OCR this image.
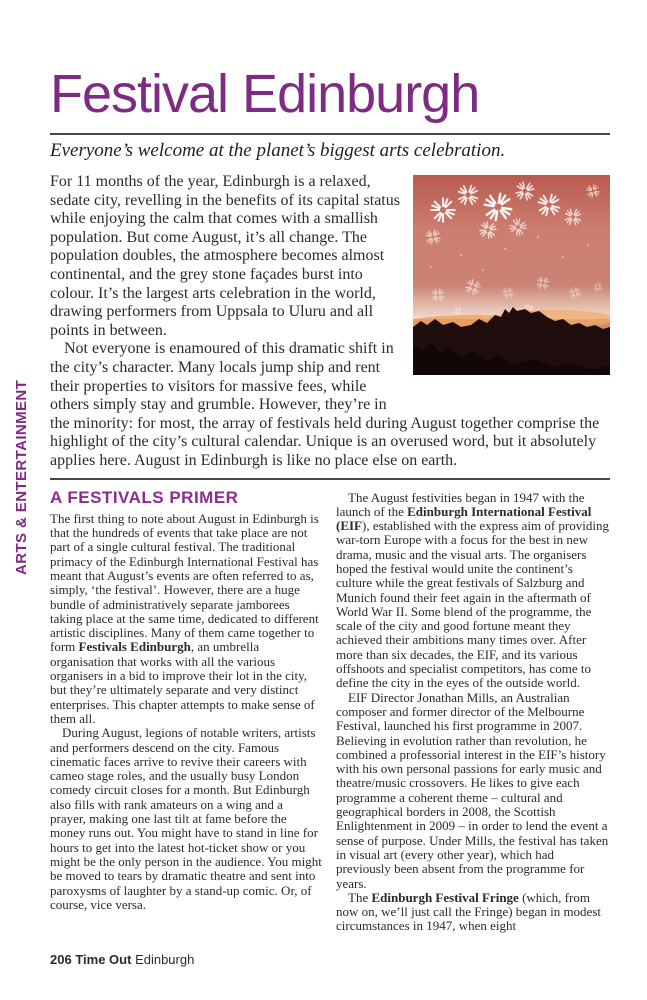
ARTS & ENTERTAINMENT
Festival Edinburgh
Everyone’s welcome at the planet’s biggest arts celebration.

For 11 months of the year, Edinburgh is a relaxed, sedate city, revelling in the benefits of its capital status while enjoying the calm that comes with a smallish population. But come August, it’s all change. The population doubles, the atmosphere becomes almost continental, and the grey stone façades burst into colour. It’s the largest arts celebration in the world, drawing performers from Uppsala to Uluru and all points in between.

Not everyone is enamoured of this dramatic shift in the city’s character. Many locals jump ship and rent their properties to visitors for massive fees, while others simply stay and grumble. However, they’re in the minority: for most, the array of festivals held during August together comprise the highlight of the city’s cultural calendar. Unique is an overused word, but it absolutely applies here. August in Edinburgh is like no place else on earth.

A FESTIVALS PRIMER

The first thing to note about August in Edinburgh is that the hundreds of events that take place are not part of a single cultural festival. The traditional primacy of the Edinburgh International Festival has meant that August’s events are often referred to as, simply, ‘the festival’. However, there are a huge bundle of administratively separate jamborees taking place at the same time, dedicated to different artistic disciplines. Many of them came together to form Festivals Edinburgh, an umbrella organisation that works with all the various organisers in a bid to improve their lot in the city, but they’re ultimately separate and very distinct enterprises. This chapter attempts to make sense of them all.

During August, legions of notable writers, artists and performers descend on the city. Famous cinematic faces arrive to revive their careers with cameo stage roles, and the usually busy London comedy circuit closes for a month. But Edinburgh also fills with rank amateurs on a wing and a prayer, making one last tilt at fame before the money runs out. You might have to stand in line for hours to get into the latest hot-ticket show or you might be the only person in the audience. You might be moved to tears by dramatic theatre and sent into paroxysms of laughter by a stand-up comic. Or, of course, vice versa.

The August festivities began in 1947 with the launch of the Edinburgh International Festival (EIF), established with the express aim of providing war-torn Europe with a focus for the best in new drama, music and the visual arts. The organisers hoped the festival would unite the continent’s culture while the great festivals of Salzburg and Munich found their feet again in the aftermath of World War II. Some blend of the programme, the scale of the city and good fortune meant they achieved their ambitions many times over. After more than six decades, the EIF, and its various offshoots and specialist competitors, has come to define the city in the eyes of the outside world.

EIF Director Jonathan Mills, an Australian composer and former director of the Melbourne Festival, launched his first programme in 2007. Believing in evolution rather than revolution, he combined a professorial interest in the EIF’s history with his own personal passions for early music and theatre/music crossovers. He likes to give each programme a coherent theme – cultural and geographical borders in 2008, the Scottish Enlightenment in 2009 – in order to lend the event a sense of purpose. Under Mills, the festival has taken in visual art (every other year), which had previously been absent from the programme for years.

The Edinburgh Festival Fringe (which, from now on, we’ll just call the Fringe) began in modest circumstances in 1947, when eight

206 Time Out Edinburgh
